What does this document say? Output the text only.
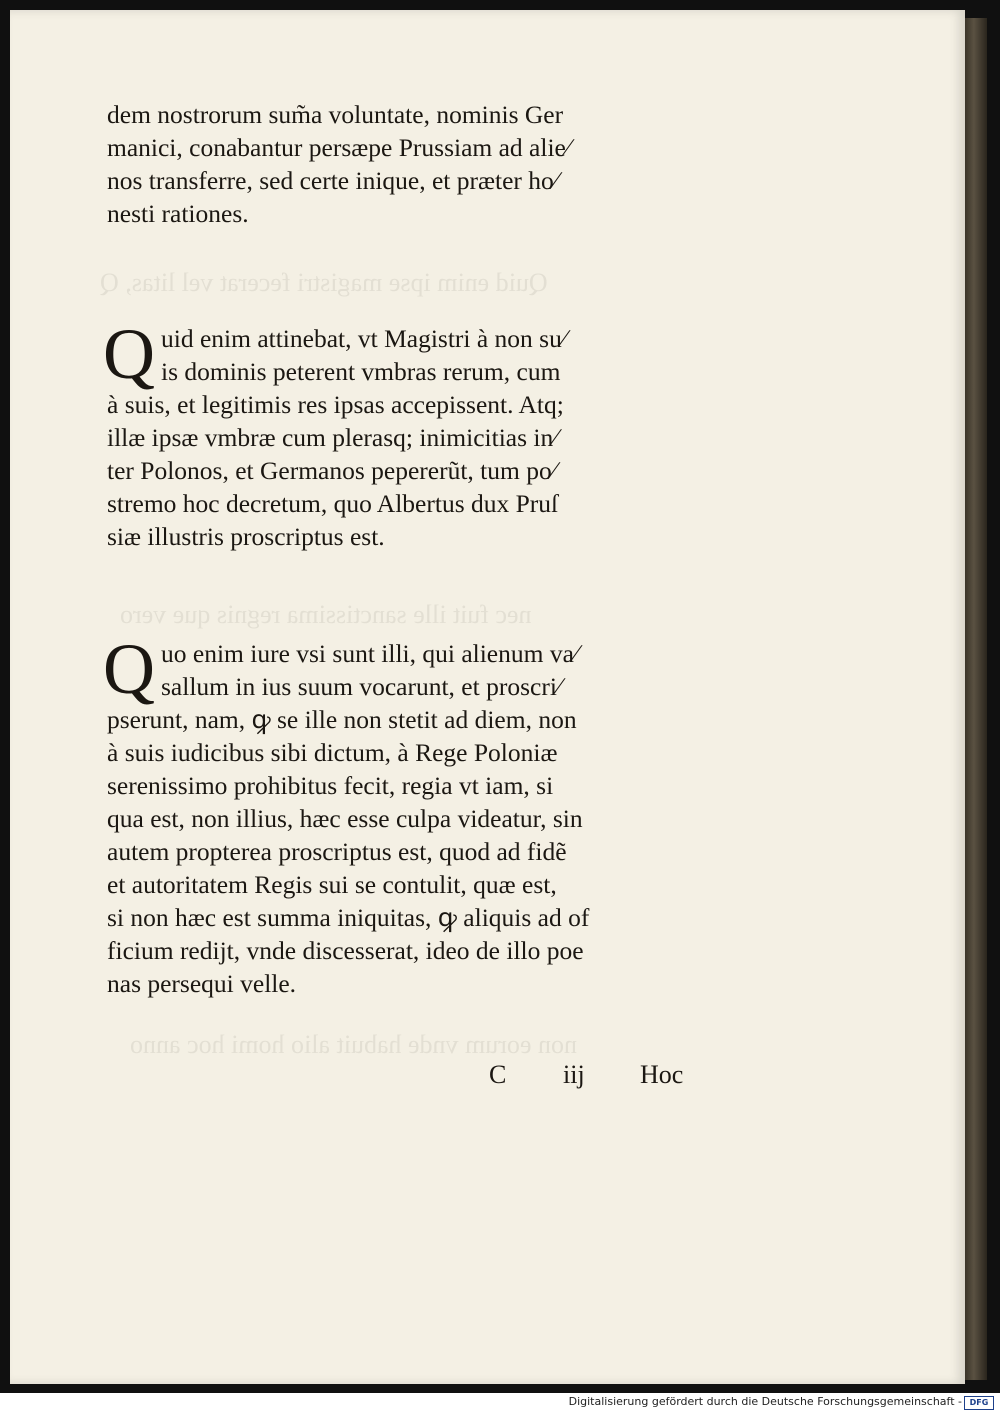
Quid enim ipse magistri fecerat vel litas, Q
nec fuit ille sanctissima regnis que vero
non eorum vnde habuit alio homi hoc anno
dem nostrorum sum̃a voluntate, nominis Ger
manici, conabantur persæpe Prussiam ad alie⁠∕
nos transferre, sed certe inique, et præter ho∕
nesti rationes.
Q uid enim attinebat, vt Magistri à non su∕
is dominis peterent vmbras rerum, cum
à suis, et legitimis res ipsas accepissent. Atq;
illæ ipsæ vmbræ cum plerasq; inimicitias in∕
ter Polonos, et Germanos pepererũt, tum po∕
stremo hoc decretum, quo Albertus dux Pruſ
siæ illustris proscriptus est.
Q uo enim iure vsi sunt illi, qui alienum va∕
sallum in ius suum vocarunt, et proscri∕
pserunt, nam, ꝙ se ille non stetit ad diem, non
à suis iudicibus sibi dictum, à Rege Poloniæ
serenissimo prohibitus fecit, regia vt iam, si
qua est, non illius, hæc esse culpa videatur, sin
autem propterea proscriptus est, quod ad fidẽ
et autoritatem Regis sui se contulit, quæ est,
si non hæc est summa iniquitas, ꝙ aliquis ad of
ficium redijt, vnde discesserat, ideo de illo poe
nas persequi velle.
C iij Hoc
Digitalisierung gefördert durch die Deutsche Forschungsgemeinschaft - DFG
